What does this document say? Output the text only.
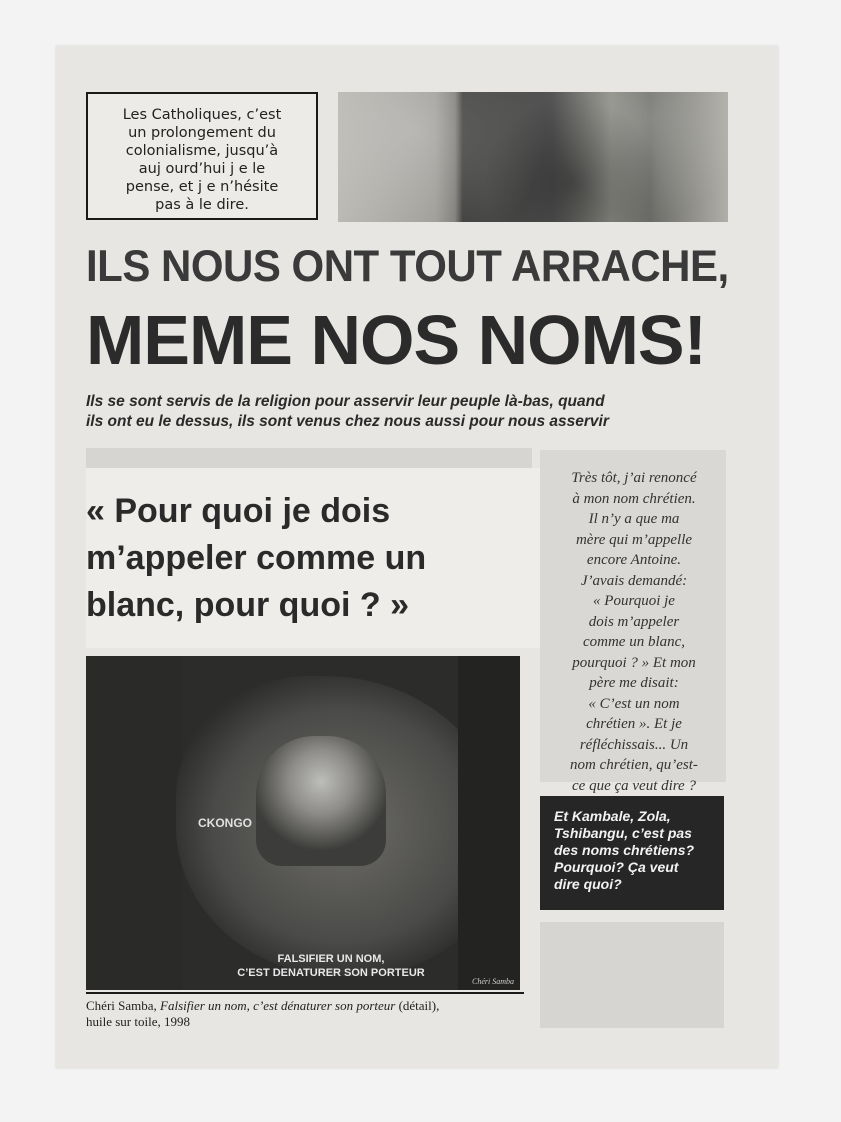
Les Catholiques, c’est
un prolongement du
colonialisme, jusqu’à
auj ourd’hui j e le
pense, et j e n’hésite
pas à le dire.
ILS NOUS ONT TOUT ARRACHE,
MEME NOS NOMS!
Ils se sont servis de la religion pour asservir leur peuple là-bas, quand
ils ont eu le dessus, ils sont venus chez nous aussi pour nous asservir
« Pour quoi je dois
m’appeler comme un
blanc, pour quoi ? »
Très tôt, j’ai renoncé
à mon nom chrétien.
Il n’y a que ma
mère qui m’appelle
encore Antoine.
J’avais demandé:
« Pourquoi je
dois m’appeler
comme un blanc,
pourquoi ? » Et mon
père me disait:
« C’est un nom
chrétien ». Et je
réfléchissais... Un
nom chrétien, qu’est-
ce que ça veut dire ?
CKONGO
FALSIFIER UN NOM,
C’EST DENATURER SON PORTEUR
Chéri Samba
Chéri Samba, Falsifier un nom, c’est dénaturer son porteur (détail),
huile sur toile, 1998
Et Kambale, Zola,
Tshibangu, c’est pas
des noms chrétiens?
Pourquoi? Ça veut
dire quoi?
